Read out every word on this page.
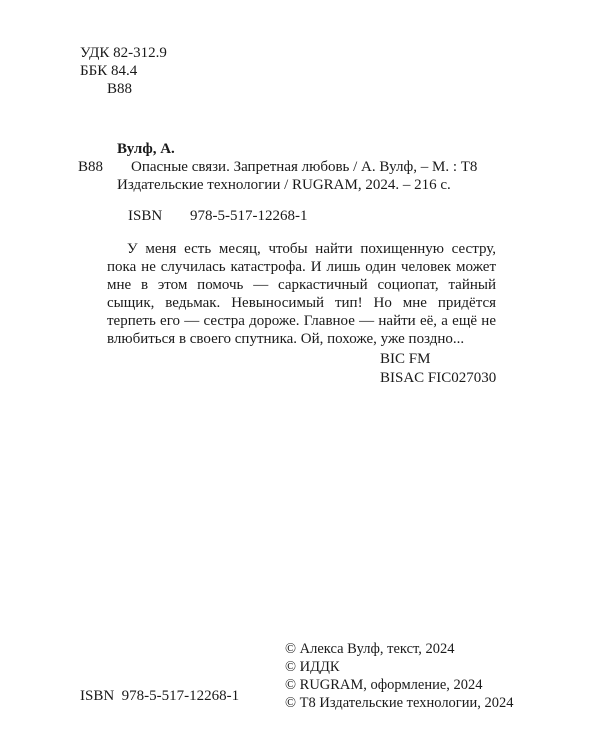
УДК 82-312.9
ББК 84.4
В88
Вулф, А.
В88	Опасные связи. Запретная любовь / А. Вулф, – М. : Т8
Издательские технологии / RUGRAM, 2024. – 216 с.
ISBN 978-5-517-12268-1
У меня есть месяц, чтобы найти похищенную сестру, пока не случилась катастрофа. И лишь один человек может мне в этом помочь — саркастичный социопат, тайный сыщик, ведьмак. Невыносимый тип! Но мне придётся терпеть его — сестра дороже. Главное — найти её, а ещё не влюбиться в своего спутника. Ой, похоже, уже поздно...
BIC FM
BISAC FIC027030
© Алекса Вулф, текст, 2024
© ИДДК
© RUGRAM, оформление, 2024
© Т8 Издательские технологии, 2024
ISBN  978-5-517-12268-1
